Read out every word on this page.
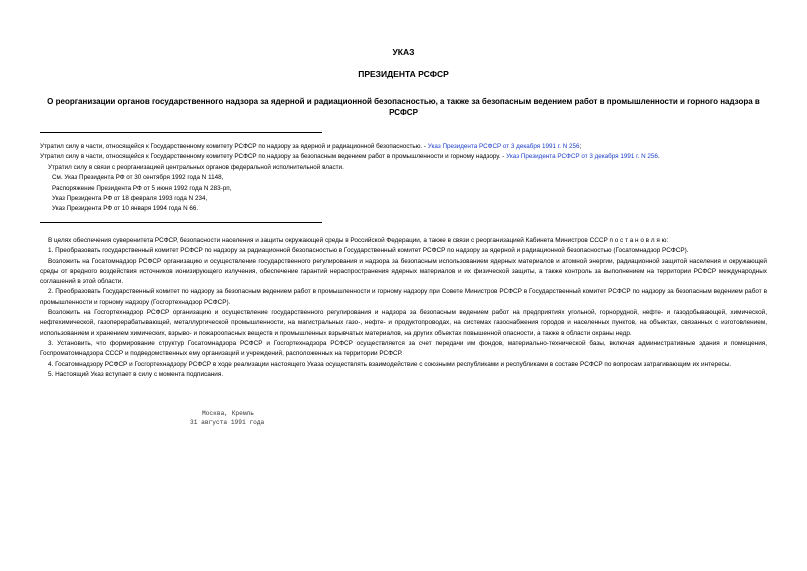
УКАЗ
ПРЕЗИДЕНТА РСФСР
О реорганизации органов государственного надзора за ядерной и радиационной безопасностью, а также за безопасным ведением работ в промышленности и горного надзора в РСФСР
Утратил силу в части, относящейся к Государственному комитету РСФСР по надзору за ядерной и радиационной безопасностью. - Указ Президента РСФСР от 3 декабря 1991 г. N 256;
Утратил силу в части, относящейся к Государственному комитету РСФСР по надзору за безопасным ведением работ в промышленности и горному надзору. - Указ Президента РСФСР от 3 декабря 1991 г. N 256.
Утратил силу в связи с реорганизацией центральных органов федеральной исполнительной власти.
См. Указ Президента РФ от 30 сентября 1992 года N 1148,
Распоряжение Президента РФ от 5 июня 1992 года N 283-рп,
Указ Президента РФ от 18 февраля 1993 года N 234,
Указ Президента РФ от 10 января 1994 года N 66.

В целях обеспечения суверенитета РСФСР, безопасности населения и защиты окружающей среды в Российской Федерации, а также в связи с реорганизацией Кабинета Министров СССР п о с т а н о в л я ю:

1. Преобразовать государственный комитет РСФСР по надзору за радиационной безопасностью в Государственный комитет РСФСР по надзору за ядерной и радиационной безопасностью (Госатомнадзор РСФСР).

Возложить на Госатомнадзор РСФСР организацию и осуществление государственного регулирования и надзора за безопасным использованием ядерных материалов и атомной энергии, радиационной защитой населения и окружающей среды от вредного воздействия источников ионизирующего излучения, обеспечение гарантий нераспространения ядерных материалов и их физической защиты, а также контроль за выполнением на территории РСФСР международных соглашений в этой области.

2. Преобразовать Государственный комитет по надзору за безопасным ведением работ в промышленности и горному надзору при Совете Министров РСФСР в Государственный комитет РСФСР по надзору за безопасным ведением работ в промышленности и горному надзору (Госгортехнадзор РСФСР).

Возложить на Госгортехнадзор РСФСР организацию и осуществление государственного регулирования и надзора за безопасным ведением работ на предприятиях угольной, горнорудной, нефте- и газодобывающей, химической, нефтехимической, газоперерабатывающей, металлургической промышленности, на магистральных газо-, нефте- и продуктопроводах, на системах газоснабжения городов и населенных пунктов, на объектах, связанных с изготовлением, использованием и хранением химических, взрыво- и пожароопасных веществ и промышленных взрывчатых материалов, на других объектах повышенной опасности, а также в области охраны недр.

3. Установить, что формирование структур Госатомнадзора РСФСР и Госгортехнадзора РСФСР осуществляется за счет передачи им фондов, материально-технической базы, включая административные здания и помещения, Госпроматомнадзора СССР и подведомственных ему организаций и учреждений, расположенных на территории РСФСР.

4. Госатомнадзору РСФСР и Госгортехнадзору РСФСР в ходе реализации настоящего Указа осуществлять взаимодействие с союзными республиками и республиками в составе РСФСР по вопросам затрагивающим их интересы.

5. Настоящий Указ вступает в силу с момента подписания.

Москва, Кремль
31 августа 1991 года
